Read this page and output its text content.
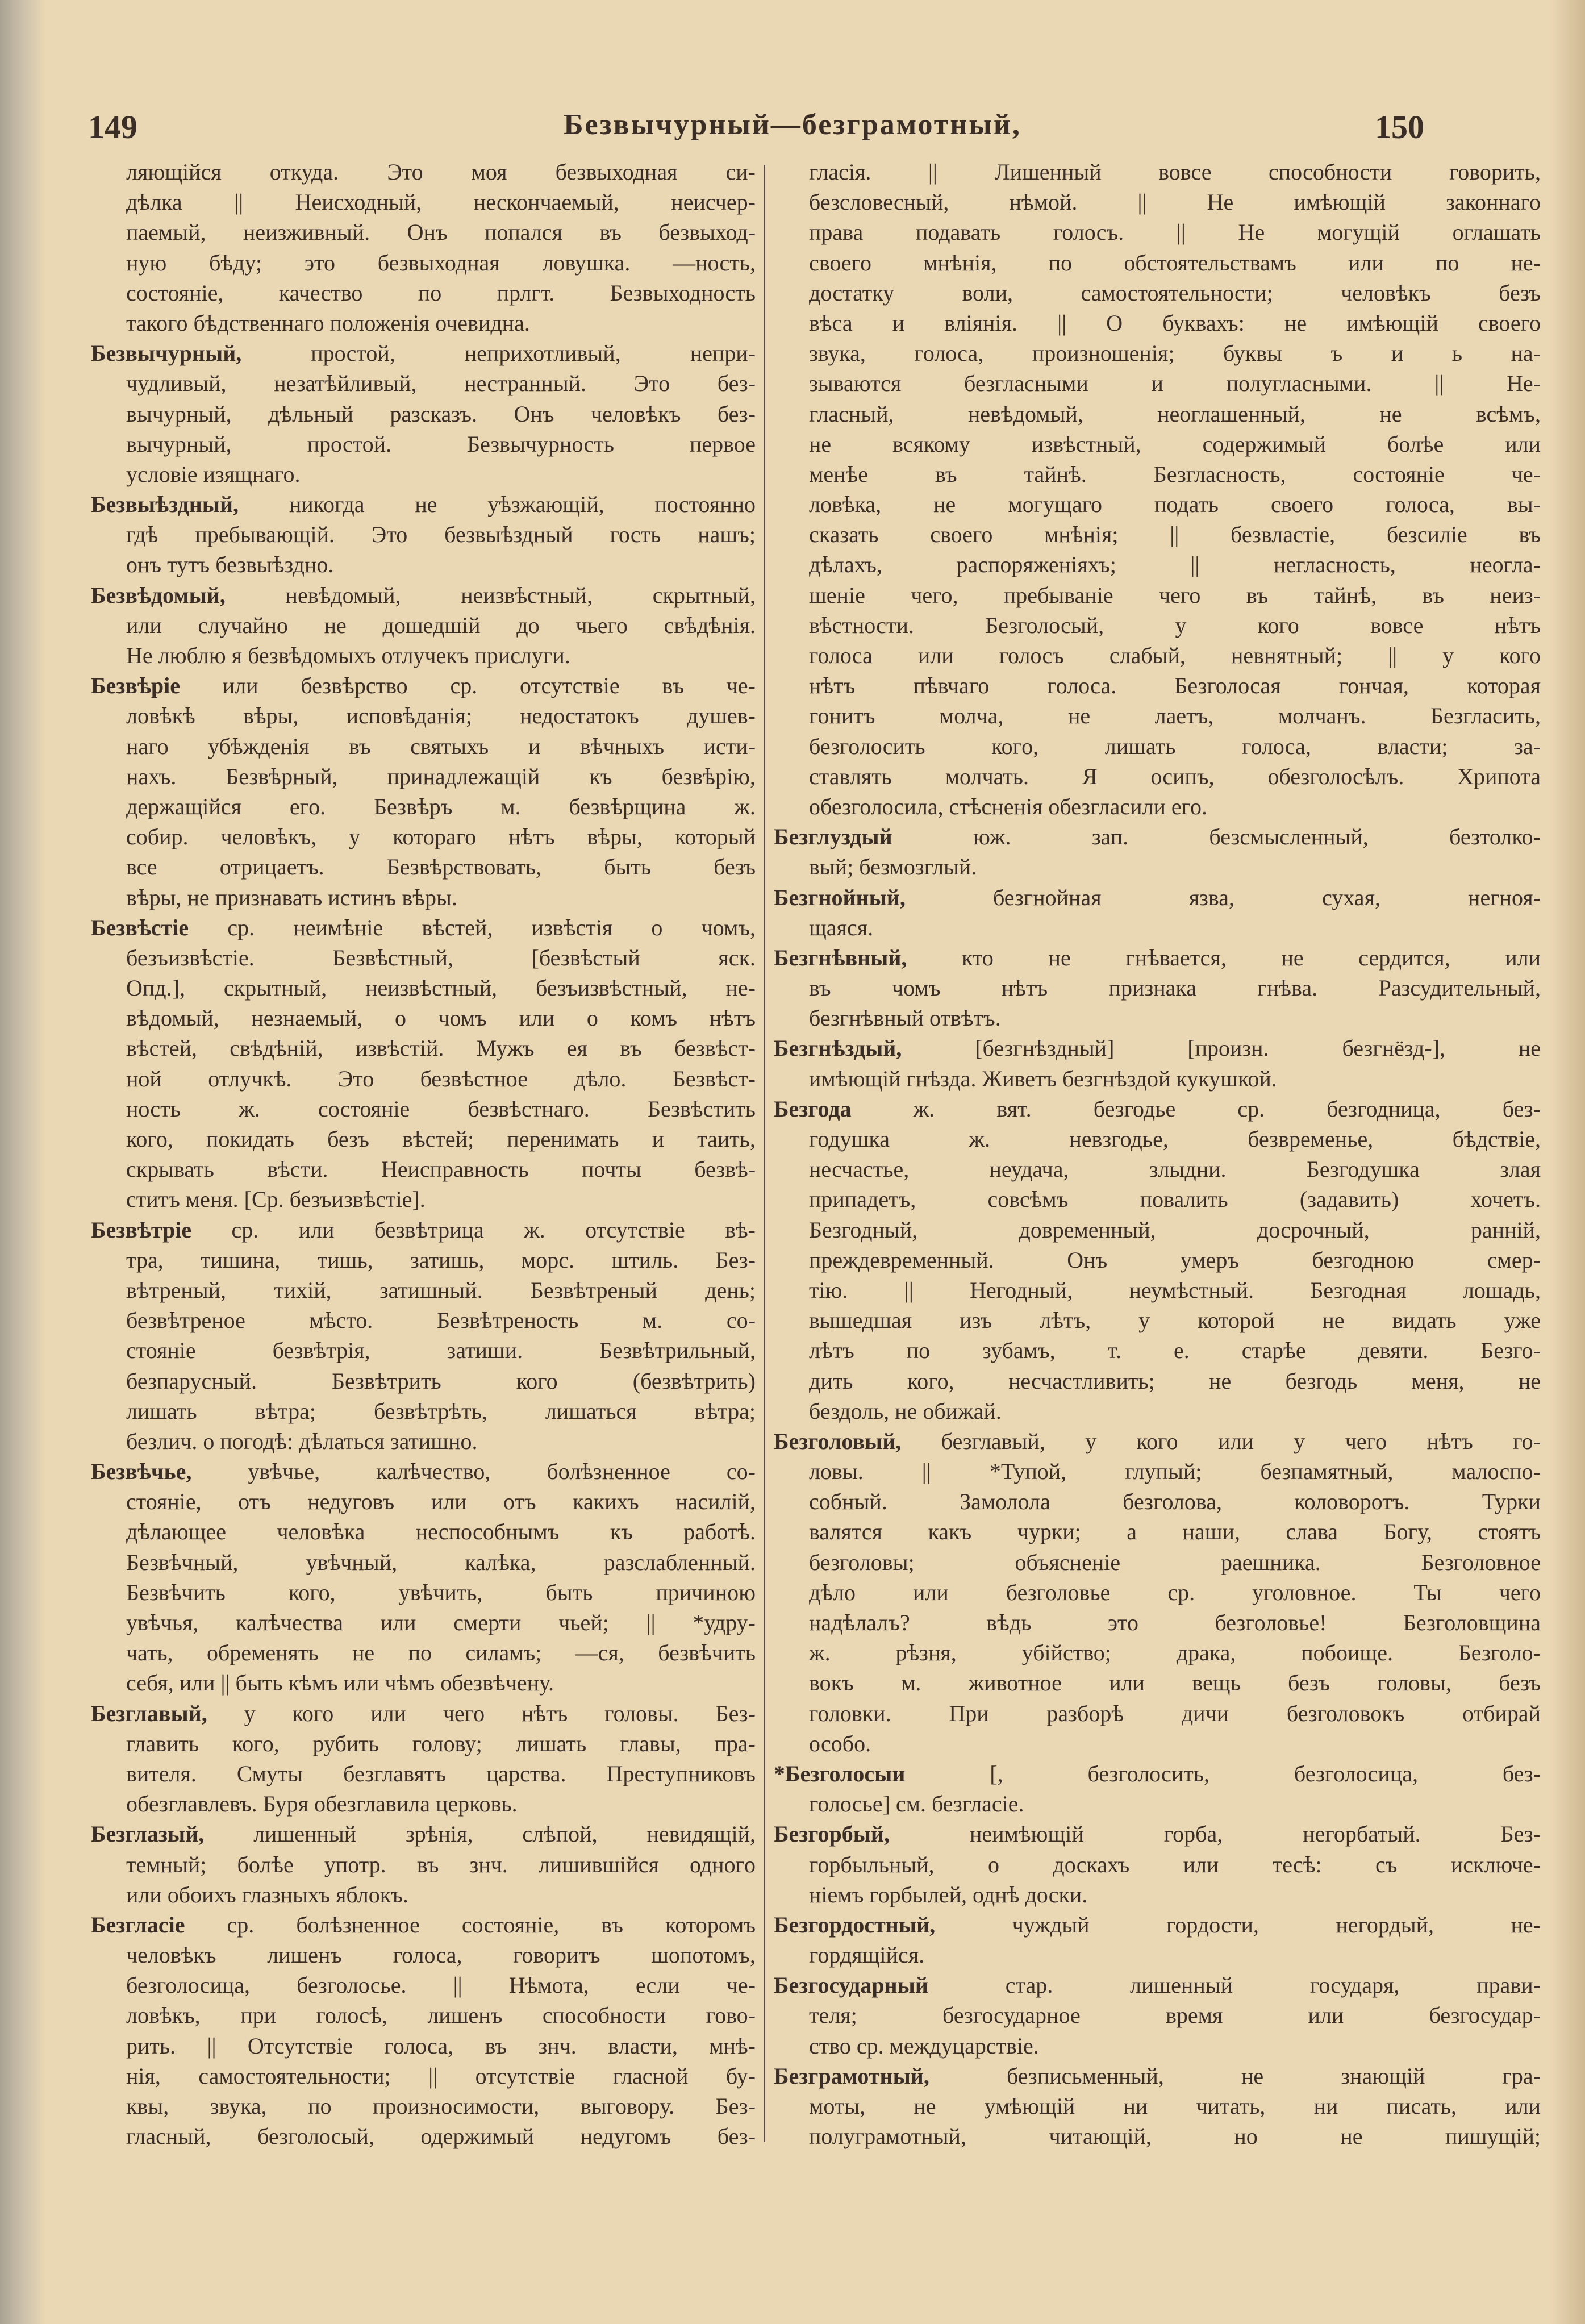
149	Безвычурный—безграмотный,	150
ляющійся откуда. Это моя безвыходная си-
дѣлка || Неисходный, нескончаемый, неисчер-
паемый, неизживный. Онъ попался въ безвыход-
ную бѣду; это безвыходная ловушка. —ность,
состояніе, качество по прлгт. Безвыходность
такого бѣдственнаго положенія очевидна.
Безвычурный, простой, неприхотливый, непри-
чудливый, незатѣйливый, нестранный. Это без-
вычурный, дѣльный разсказъ. Онъ человѣкъ без-
вычурный, простой. Безвычурность первое
условіе изящнаго.
Безвыѣздный, никогда не уѣзжающій, постоянно
гдѣ пребывающій. Это безвыѣздный гость нашъ;
онъ тутъ безвыѣздно.
Безвѣдомый, невѣдомый, неизвѣстный, скрытный,
или случайно не дошедшій до чьего свѣдѣнія.
Не люблю я безвѣдомыхъ отлучекъ прислуги.
Безвѣріе или безвѣрство ср. отсутствіе въ че-
ловѣкѣ вѣры, исповѣданія; недостатокъ душев-
наго убѣжденія въ святыхъ и вѣчныхъ исти-
нахъ. Безвѣрный, принадлежащій къ безвѣрію,
держащійся его. Безвѣръ м. безвѣрщина ж.
собир. человѣкъ, у котораго нѣтъ вѣры, который
все отрицаетъ. Безвѣрствовать, быть безъ
вѣры, не признавать истинъ вѣры.
Безвѣстіе ср. неимѣніе вѣстей, извѣстія о чомъ,
безъизвѣстіе. Безвѣстный, [безвѣстый яск.
Опд.], скрытный, неизвѣстный, безъизвѣстный, не-
вѣдомый, незнаемый, о чомъ или о комъ нѣтъ
вѣстей, свѣдѣній, извѣстій. Мужъ ея въ безвѣст-
ной отлучкѣ. Это безвѣстное дѣло. Безвѣст-
ность ж. состояніе безвѣстнаго. Безвѣстить
кого, покидать безъ вѣстей; перенимать и таить,
скрывать вѣсти. Неисправность почты безвѣ-
ститъ меня. [Ср. безъизвѣстіе].
Безвѣтріе ср. или безвѣтрица ж. отсутствіе вѣ-
тра, тишина, тишь, затишь, морс. штиль. Без-
вѣтреный, тихій, затишный. Безвѣтреный день;
безвѣтреное мѣсто. Безвѣтреность м. со-
стояніе безвѣтрія, затиши. Безвѣтрильный,
безпарусный. Безвѣтрить кого (безвѣтрить)
лишать вѣтра; безвѣтрѣть, лишаться вѣтра;
безлич. о погодѣ: дѣлаться затишно.
Безвѣчье, увѣчье, калѣчество, болѣзненное со-
стояніе, отъ недуговъ или отъ какихъ насилій,
дѣлающее человѣка неспособнымъ къ работѣ.
Безвѣчный, увѣчный, калѣка, разслабленный.
Безвѣчить кого, увѣчить, быть причиною
увѣчья, калѣчества или смерти чьей; || *удру-
чать, обременять не по силамъ; —ся, безвѣчить
себя, или || быть кѣмъ или чѣмъ обезвѣчену.
Безглавый, у кого или чего нѣтъ головы. Без-
главить кого, рубить голову; лишать главы, пра-
вителя. Смуты безглавятъ царства. Преступниковъ
обезглавлевъ. Буря обезглавила церковь.
Безглазый, лишенный зрѣнія, слѣпой, невидящій,
темный; болѣе употр. въ знч. лишившійся одного
или обоихъ глазныхъ яблокъ.
Безгласіе ср. болѣзненное состояніе, въ которомъ
человѣкъ лишенъ голоса, говоритъ шопотомъ,
безголосица, безголосье. || Нѣмота, если че-
ловѣкъ, при голосѣ, лишенъ способности гово-
рить. || Отсутствіе голоса, въ знч. власти, мнѣ-
нія, самостоятельности; || отсутствіе гласной бу-
квы, звука, по произносимости, выговору. Без-
гласный, безголосый, одержимый недугомъ без-
гласія. || Лишенный вовсе способности говорить,
безсловесный, нѣмой. || Не имѣющій законнаго
права подавать голосъ. || Не могущій оглашать
своего мнѣнія, по обстоятельствамъ или по не-
достатку воли, самостоятельности; человѣкъ безъ
вѣса и вліянія. || О буквахъ: не имѣющій своего
звука, голоса, произношенія; буквы ъ и ь на-
зываются безгласными и полугласными. || Не-
гласный, невѣдомый, неоглашенный, не всѣмъ,
не всякому извѣстный, содержимый болѣе или
менѣе въ тайнѣ. Безгласность, состояніе че-
ловѣка, не могущаго подать своего голоса, вы-
сказать своего мнѣнія; || безвластіе, безсиліе въ
дѣлахъ, распоряженіяхъ; || негласность, неогла-
шеніе чего, пребываніе чего въ тайнѣ, въ неиз-
вѣстности. Безголосый, у кого вовсе нѣтъ
голоса или голосъ слабый, невнятный; || у кого
нѣтъ пѣвчаго голоса. Безголосая гончая, которая
гонитъ молча, не лаетъ, молчанъ. Безгласить,
безголосить кого, лишать голоса, власти; за-
ставлять молчать. Я осипъ, обезголосѣлъ. Хрипота
обезголосила, стѣсненія обезгласили его.
Безглуздый юж. зап. безсмысленный, безтолко-
вый; безмозглый.
Безгнойный, безгнойная язва, сухая, негноя-
щаяся.
Безгнѣвный, кто не гнѣвается, не сердится, или
въ чомъ нѣтъ признака гнѣва. Разсудительный,
безгнѣвный отвѣтъ.
Безгнѣздый, [безгнѣздный] [произн. безгнёзд-], не
имѣющій гнѣзда. Живетъ безгнѣздой кукушкой.
Безгода ж. вят. безгодье ср. безгодница, без-
годушка ж. невзгодье, безвременье, бѣдствіе,
несчастье, неудача, злыдни. Безгодушка злая
припадетъ, совсѣмъ повалить (задавить) хочетъ.
Безгодный, довременный, досрочный, ранній,
преждевременный. Онъ умеръ безгодною смер-
тію. || Негодный, неумѣстный. Безгодная лошадь,
вышедшая изъ лѣтъ, у которой не видать уже
лѣтъ по зубамъ, т. е. старѣе девяти. Безго-
дить кого, несчастливить; не безгодь меня, не
бездоль, не обижай.
Безголовый, безглавый, у кого или у чего нѣтъ го-
ловы. || *Тупой, глупый; безпамятный, малоспо-
собный. Замолола безголова, коловоротъ. Турки
валятся какъ чурки; а наши, слава Богу, стоятъ
безголовы; объясненіе раешника. Безголовное
дѣло или безголовье ср. уголовное. Ты чего
надѣлалъ? вѣдь это безголовье! Безголовщина
ж. рѣзня, убійство; драка, побоище. Безголо-
вокъ м. животное или вещь безъ головы, безъ
головки. При разборѣ дичи безголовокъ отбирай
особо.
*Безголосыи [, безголосить, безголосица, без-
голосье] см. безгласіе.
Безгорбый, неимѣющій горба, негорбатый. Без-
горбыльный, о доскахъ или тесѣ: съ исключе-
ніемъ горбылей, однѣ доски.
Безгордостный, чуждый гордости, негордый, не-
гордящійся.
Безгосударный стар. лишенный государя, прави-
теля; безгосударное время или безгосудар-
ство ср. междуцарствіе.
Безграмотный, безписьменный, не знающій гра-
моты, не умѣющій ни читать, ни писать, или
полуграмотный, читающій, но не пишущій;
